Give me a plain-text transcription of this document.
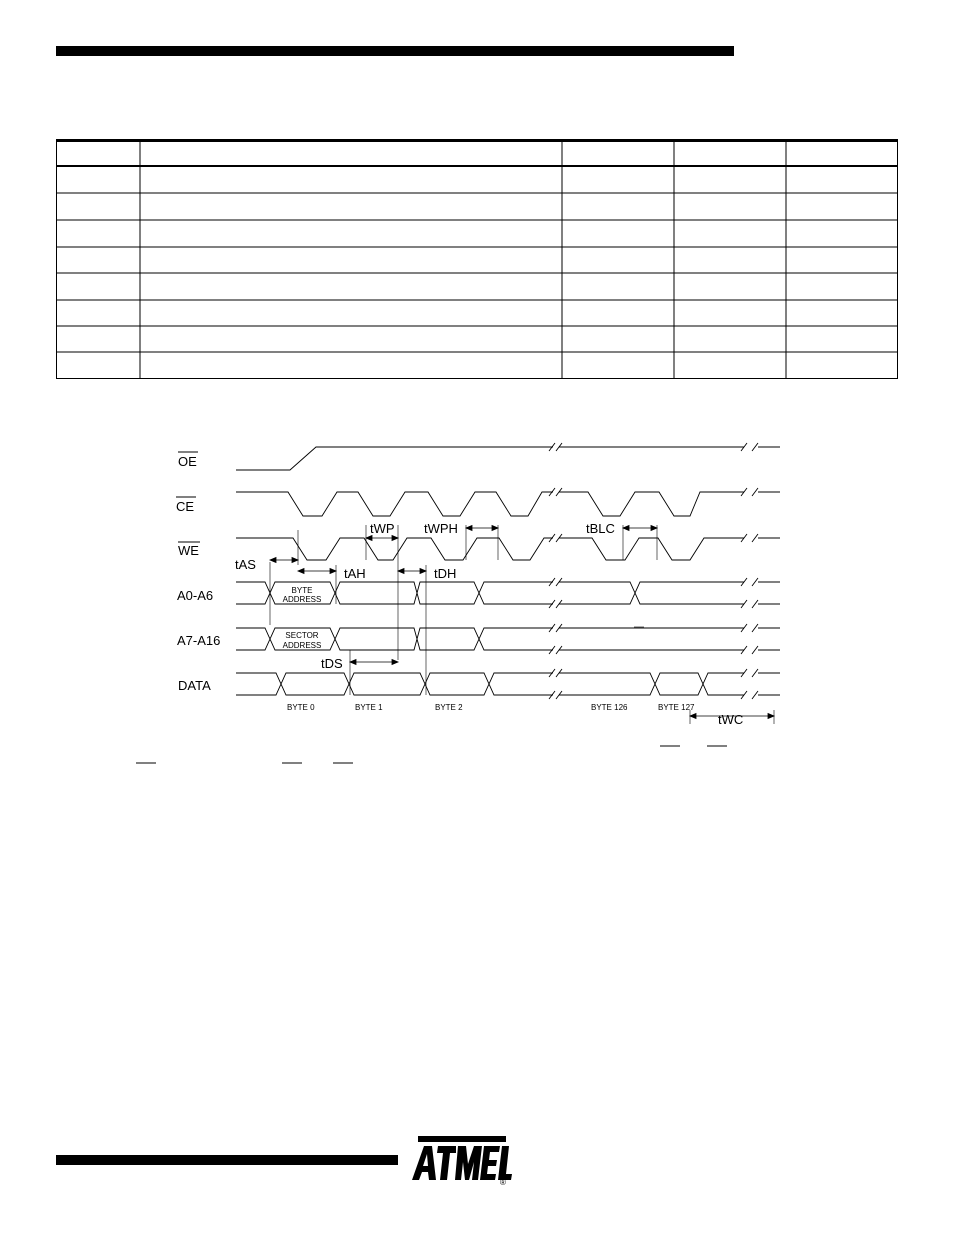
OE
CE
WE
A0-A6
A7-A16
DATA
tWP tWPH	tBLC
tAS
tAH	tDH
tDS
tWC
BYTE
ADDRESS
SECTOR
ADDRESS
BYTE 0	BYTE 1	BYTE 2	BYTE 126	BYTE 127
®
